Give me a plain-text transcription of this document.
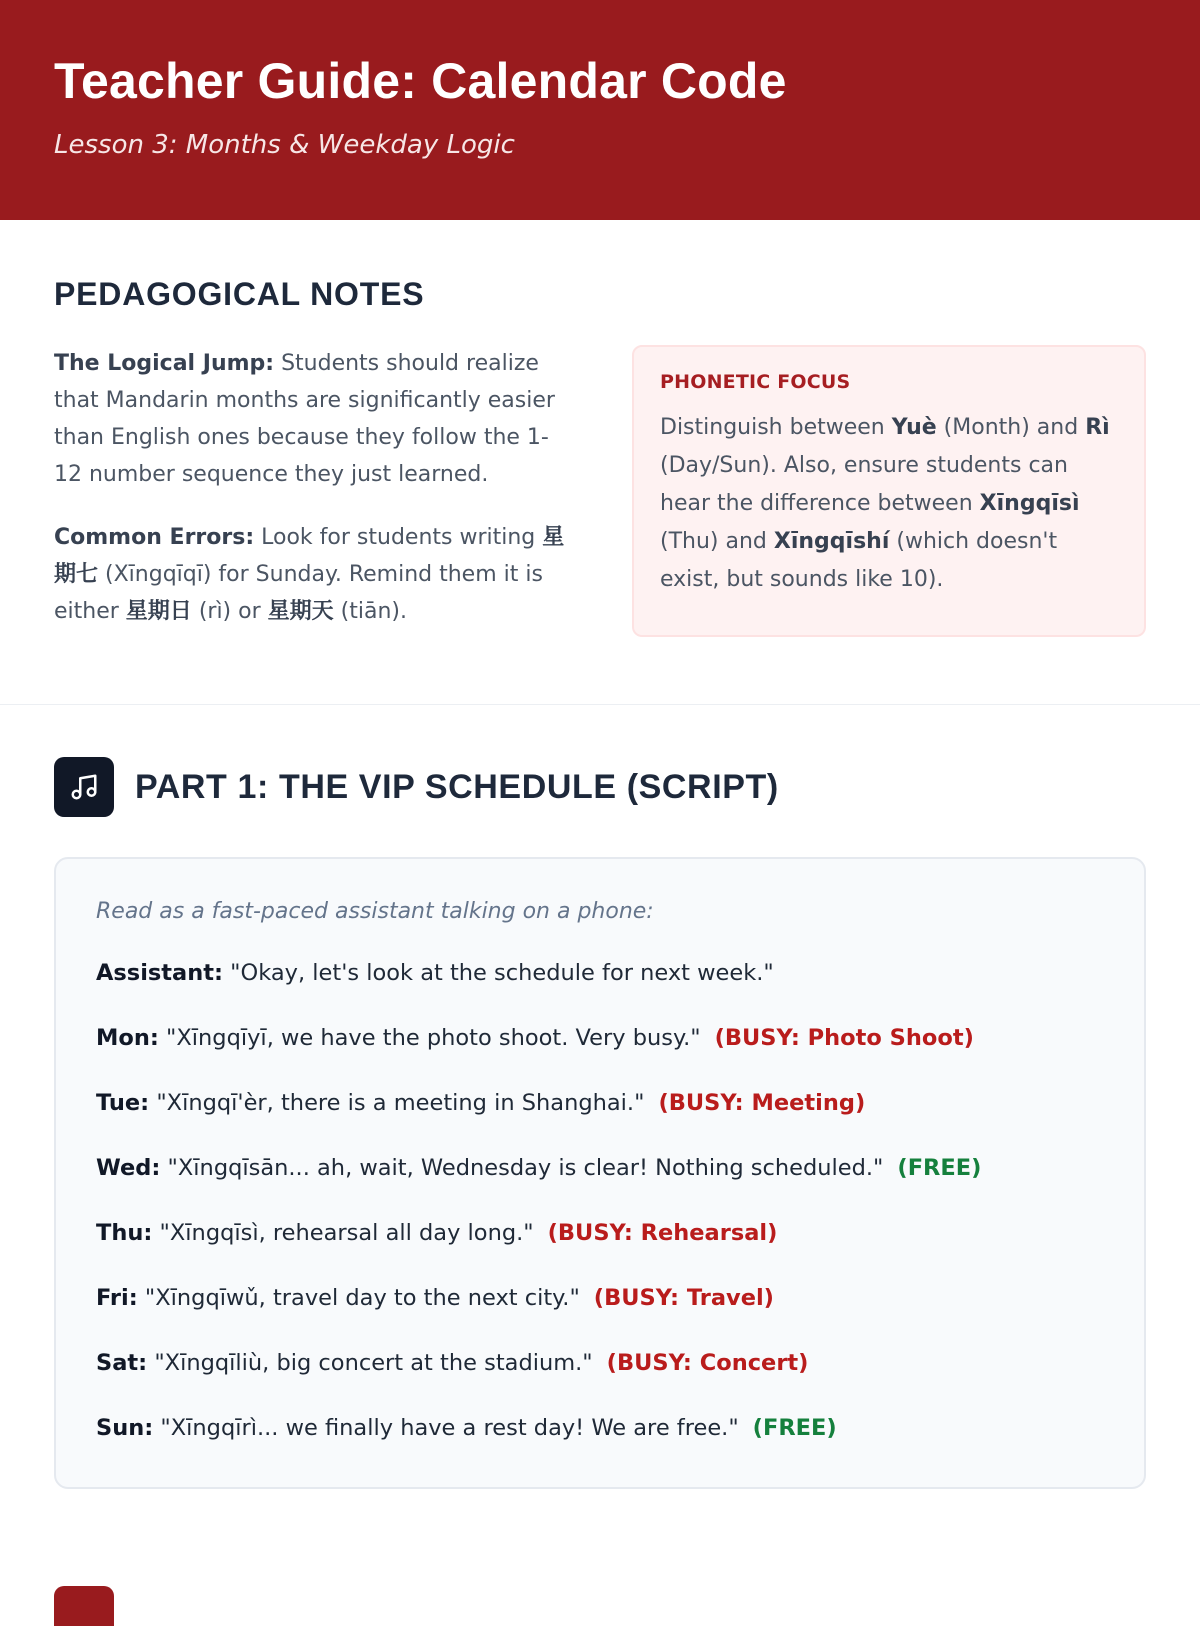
Teacher Guide: Calendar Code
Lesson 3: Months & Weekday Logic
PEDAGOGICAL NOTES

The Logical Jump: Students should realize that Mandarin months are significantly easier than English ones because they follow the 1-12 number sequence they just learned.

Common Errors: Look for students writing 星期七 (Xīngqīqī) for Sunday. Remind them it is either 星期日 (rì) or 星期天 (tiān).

PHONETIC FOCUS

Distinguish between Yuè (Month) and Rì (Day/Sun). Also, ensure students can hear the difference between Xīngqīsì (Thu) and Xīngqīshí (which doesn't exist, but sounds like 10).

PART 1: THE VIP SCHEDULE (SCRIPT)
Read as a fast-paced assistant talking on a phone:
Assistant: "Okay, let's look at the schedule for next week."
Mon: "Xīngqīyī, we have the photo shoot. Very busy." (BUSY: Photo Shoot)
Tue: "Xīngqī'èr, there is a meeting in Shanghai." (BUSY: Meeting)
Wed: "Xīngqīsān... ah, wait, Wednesday is clear! Nothing scheduled." (FREE)
Thu: "Xīngqīsì, rehearsal all day long." (BUSY: Rehearsal)
Fri: "Xīngqīwǔ, travel day to the next city." (BUSY: Travel)
Sat: "Xīngqīliù, big concert at the stadium." (BUSY: Concert)
Sun: "Xīngqīrì... we finally have a rest day! We are free." (FREE)
